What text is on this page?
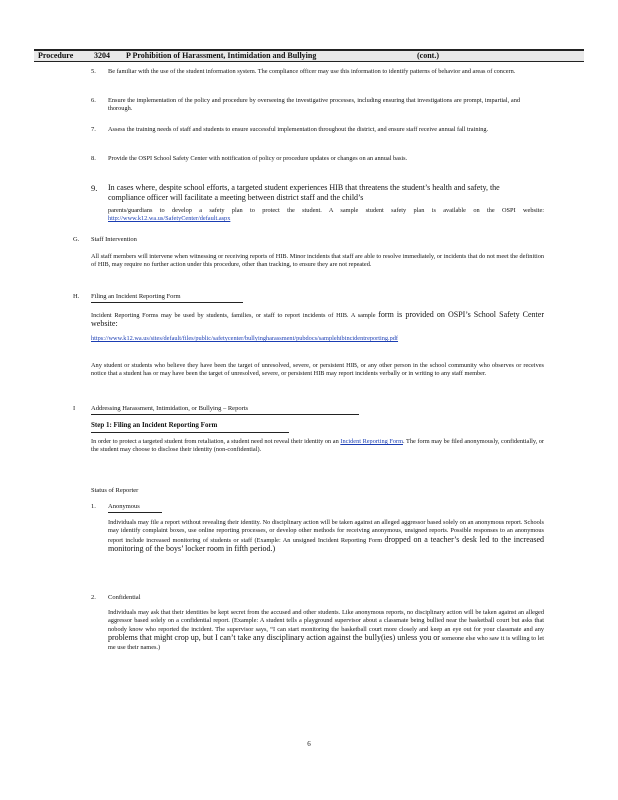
Procedure	3204 P Prohibition of Harassment, Intimidation and Bullying	(cont.)
5. Be familiar with the use of the student information system. The compliance officer may use this information to identify patterns of behavior and areas of concern.
6. Ensure the implementation of the policy and procedure by overseeing the investigative processes, including ensuring that investigations are prompt, impartial, and thorough.
7. Assess the training needs of staff and students to ensure successful implementation throughout the district, and ensure staff receive annual fall training.
8. Provide the OSPI School Safety Center with notification of policy or procedure updates or changes on an annual basis.
9. In cases where, despite school efforts, a targeted student experiences HIB that threatens the student’s health and safety, the compliance officer will facilitate a meeting between district staff and the child’s
parents/guardians to develop a safety plan to protect the student. A sample student safety plan is available on the OSPI website: http://www.k12.wa.us/SafetyCenter/default.aspx
G. Staff Intervention
All staff members will intervene when witnessing or receiving reports of HIB. Minor incidents that staff are able to resolve immediately, or incidents that do not meet the definition of HIB, may require no further action under this procedure, other than tracking, to ensure they are not repeated.
H. Filing an Incident Reporting Form
Incident Reporting Forms may be used by students, families, or staff to report incidents of HIB. A sample form is provided on OSPI’s School Safety Center website:
https://www.k12.wa.us/sites/default/files/public/safetycenter/bullyingharassment/pubdocs/samplehibincidentreporting.pdf
Any student or students who believe they have been the target of unresolved, severe, or persistent HIB, or any other person in the school community who observes or receives notice that a student has or may have been the target of unresolved, severe, or persistent HIB may report incidents verbally or in writing to any staff member.
I Addressing Harassment, Intimidation, or Bullying – Reports
Step 1: Filing an Incident Reporting Form
In order to protect a targeted student from retaliation, a student need not reveal their identity on an Incident Reporting Form. The form may be filed anonymously, confidentially, or the student may choose to disclose their identity (non-confidential).
Status of Reporter
1. Anonymous
Individuals may file a report without revealing their identity. No disciplinary action will be taken against an alleged aggressor based solely on an anonymous report. Schools may identify complaint boxes, use online reporting processes, or develop other methods for receiving anonymous, unsigned reports. Possible responses to an anonymous report include increased monitoring of students or staff (Example: An unsigned Incident Reporting Form dropped on a teacher’s desk led to the increased monitoring of the boys’ locker room in fifth period.)
2. Confidential
Individuals may ask that their identities be kept secret from the accused and other students. Like anonymous reports, no disciplinary action will be taken against an alleged aggressor based solely on a confidential report. (Example: A student tells a playground supervisor about a classmate being bullied near the basketball court but asks that nobody know who reported the incident. The supervisor says, “I can start monitoring the basketball court more closely and keep an eye out for your classmate and any problems that might crop up, but I can’t take any disciplinary action against the bully(ies) unless you or someone else who saw it is willing to let me use their names.)
6
